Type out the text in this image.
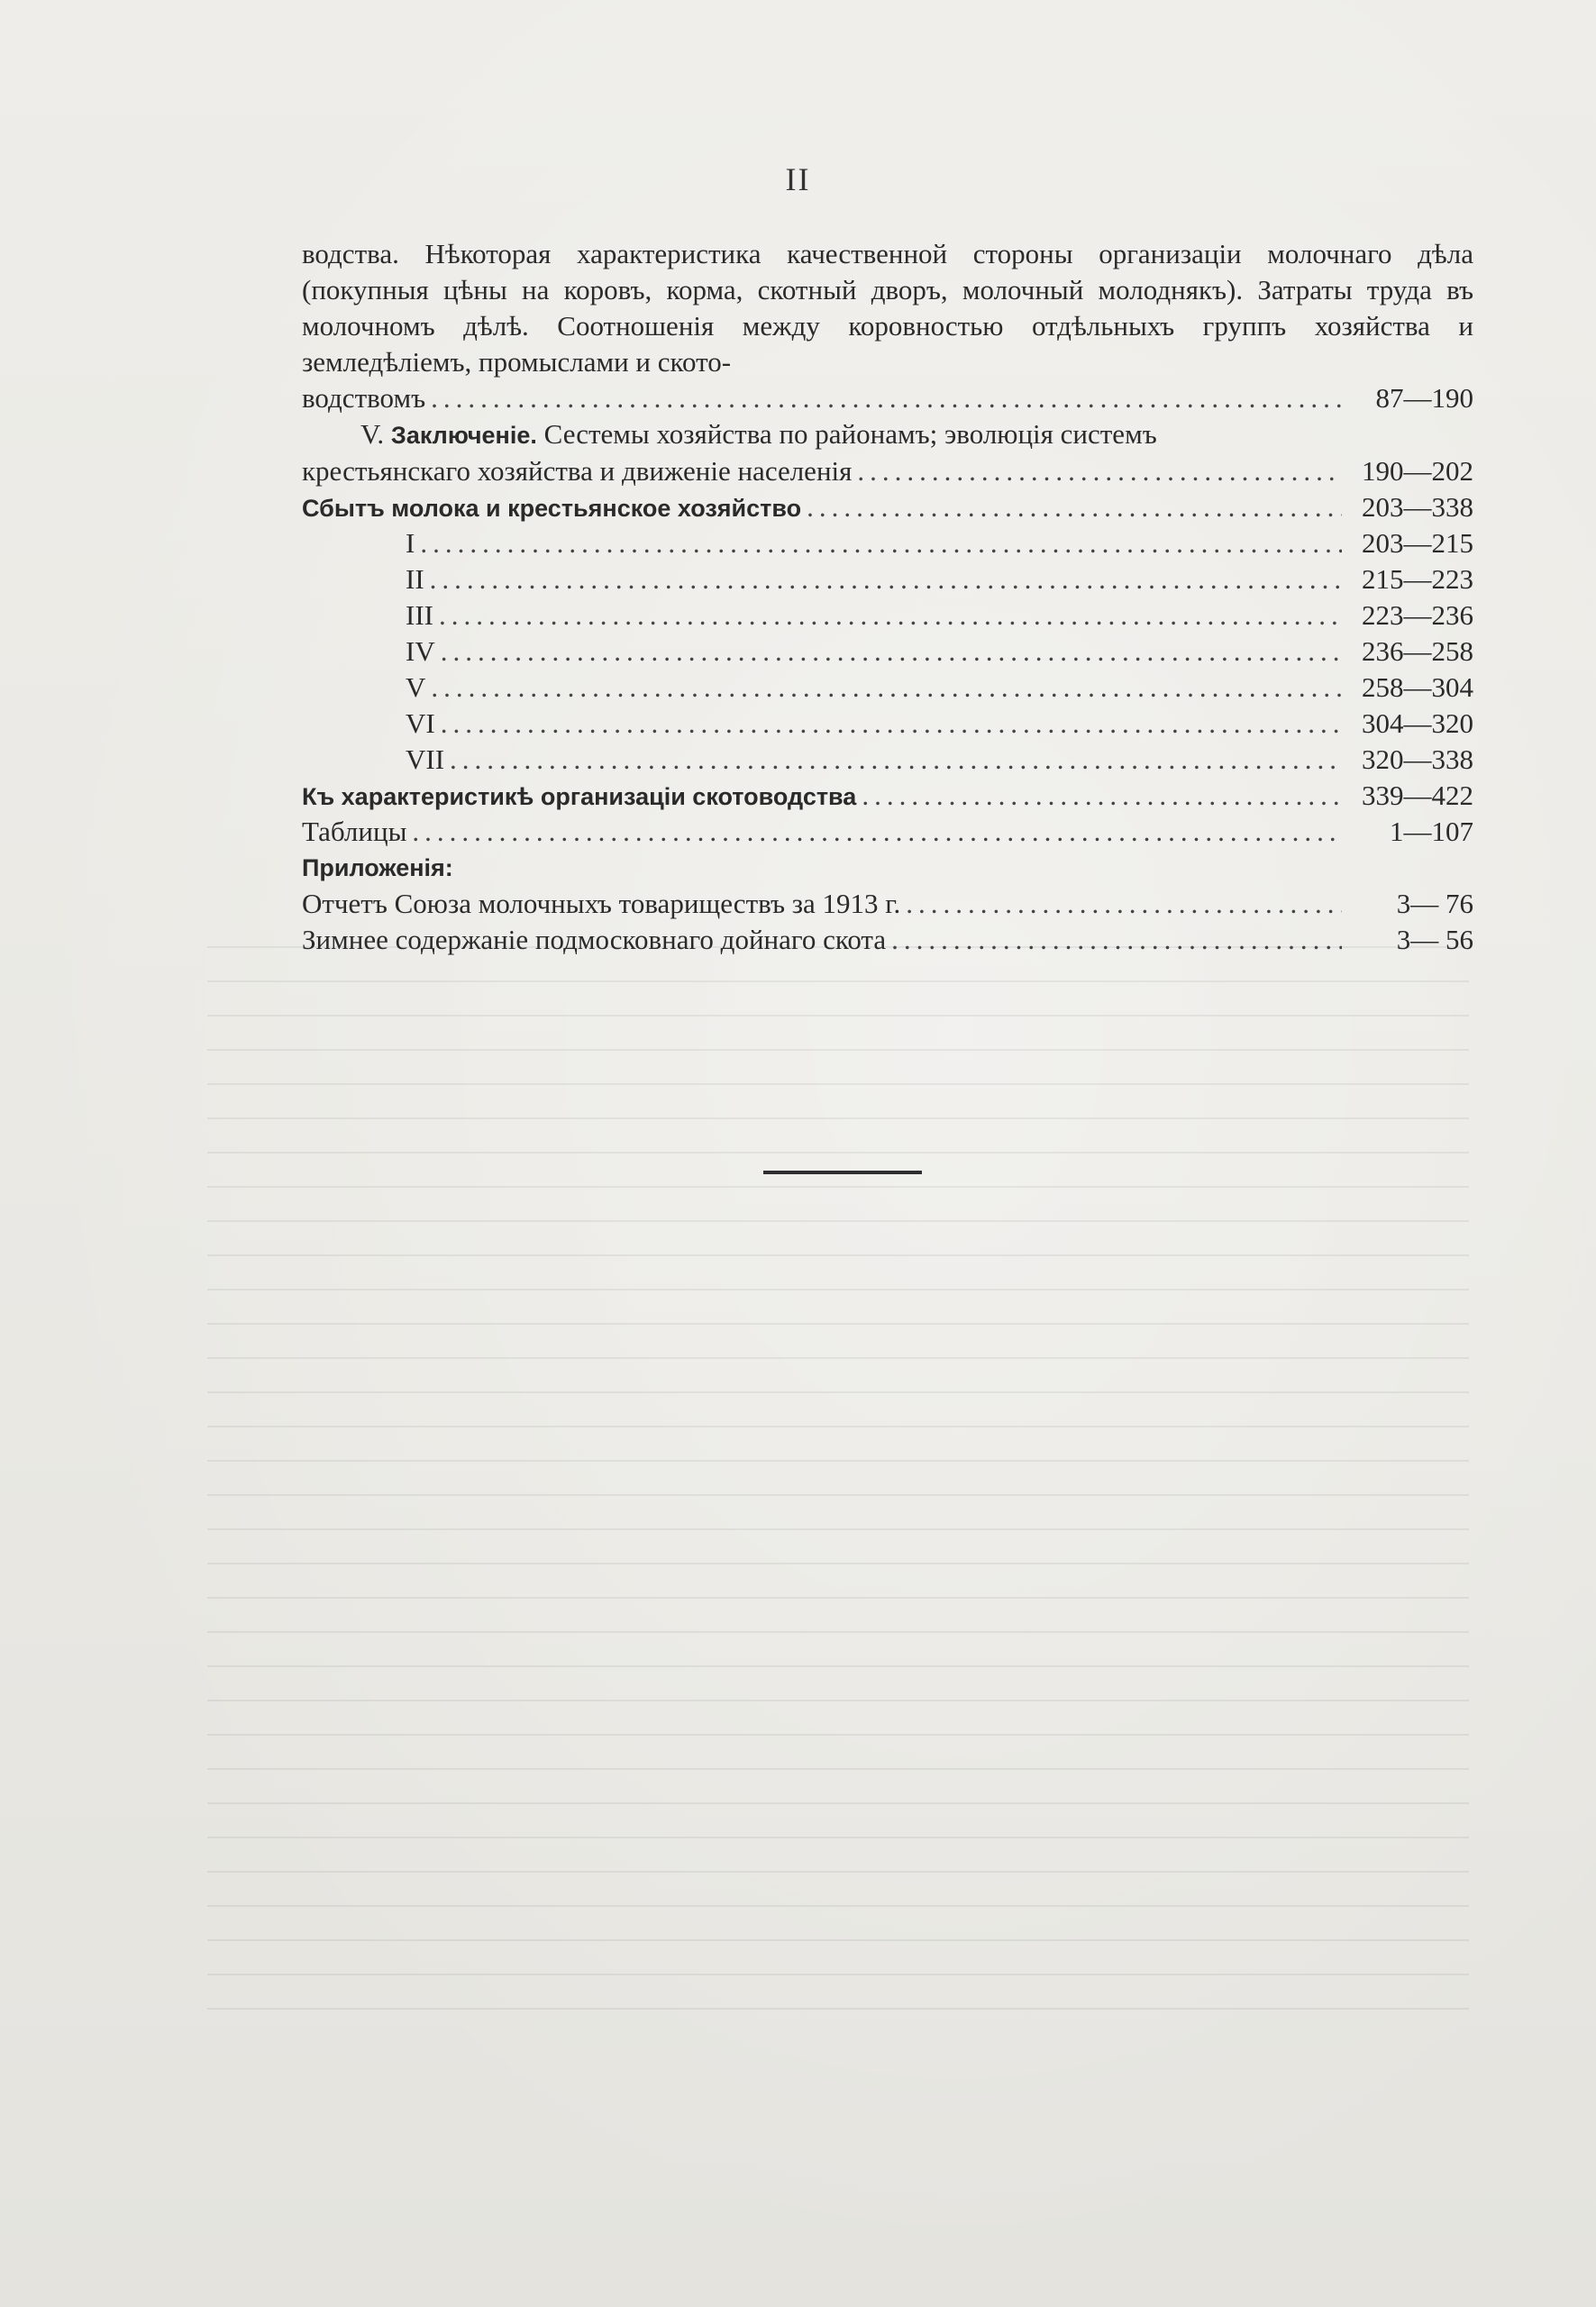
II

водства. Нѣкоторая характеристика качественной стороны организаціи молочнаго дѣла (покупныя цѣны на коровъ, корма, скотный дворъ, молочный молоднякъ). Затраты труда въ молочномъ дѣлѣ. Соотношенія между коровностью отдѣльныхъ группъ хозяйства и земледѣліемъ, промыслами и ското-

водствомъ .....	87—190

V. Заключеніе. Сестемы хозяйства по районамъ; эволюція системъ

крестьянскаго хозяйства и движеніе населенія .....	190—202
Сбытъ молока и крестьянское хозяйство .....	203—338
I .....	203—215
II .....	215—223
III .....	223—236
IV .....	236—258
V .....	258—304
VI .....	304—320
VII .....	320—338
Къ характеристикѣ организаціи скотоводства .....	339—422
Таблицы .....	1—107
Приложенія:
Отчетъ Союза молочныхъ товариществъ за 1913 г. .....	3— 76
Зимнее содержаніе подмосковнаго дойнаго скота .....	3— 56
